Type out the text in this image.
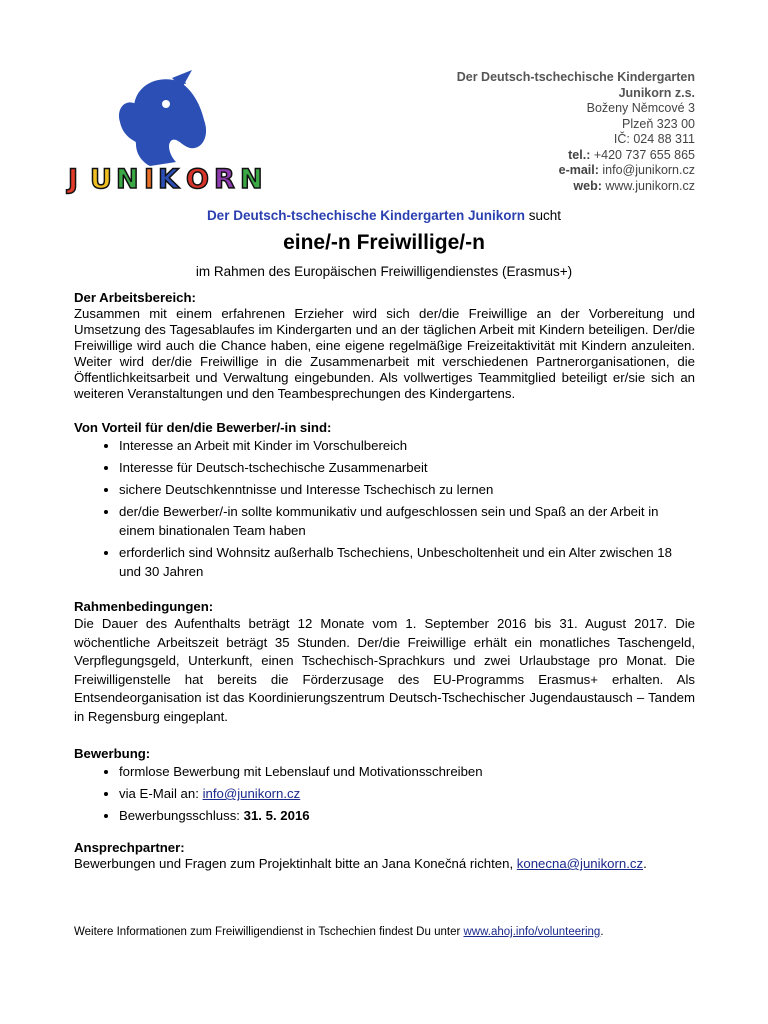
J U N I K O R N
Der Deutsch-tschechische Kindergarten
Junikorn z.s.
Boženy Němcové 3
Plzeň 323 00
IČ: 024 88 311
tel.: +420 737 655 865
e-mail: info@junikorn.cz
web: www.junikorn.cz
Der Deutsch-tschechische Kindergarten Junikorn sucht
eine/-n Freiwillige/-n
im Rahmen des Europäischen Freiwilligendienstes (Erasmus+)
Der Arbeitsbereich:

Zusammen mit einem erfahrenen Erzieher wird sich der/die Freiwillige an der Vorbereitung und Umsetzung des Tagesablaufes im Kindergarten und an der täglichen Arbeit mit Kindern beteiligen. Der/die Freiwillige wird auch die Chance haben, eine eigene regelmäßige Freizeitaktivität mit Kindern anzuleiten. Weiter wird der/die Freiwillige in die Zusammenarbeit mit verschiedenen Partnerorganisationen, die Öffentlichkeitsarbeit und Verwaltung eingebunden. Als vollwertiges Teammitglied beteiligt er/sie sich an weiteren Veranstaltungen und den Teambesprechungen des Kindergartens.

Von Vorteil für den/die Bewerber/-in sind:
• Interesse an Arbeit mit Kinder im Vorschulbereich
• Interesse für Deutsch-tschechische Zusammenarbeit
• sichere Deutschkenntnisse und Interesse Tschechisch zu lernen
• der/die Bewerber/-in sollte kommunikativ und aufgeschlossen sein und Spaß an der Arbeit in einem binationalen Team haben
• erforderlich sind Wohnsitz außerhalb Tschechiens, Unbescholtenheit und ein Alter zwischen 18 und 30 Jahren
Rahmenbedingungen:

Die Dauer des Aufenthalts beträgt 12 Monate vom 1. September 2016 bis 31. August 2017. Die wöchentliche Arbeitszeit beträgt 35 Stunden. Der/die Freiwillige erhält ein monatliches Taschengeld, Verpflegungsgeld, Unterkunft, einen Tschechisch-Sprachkurs und zwei Urlaubstage pro Monat. Die Freiwilligenstelle hat bereits die Förderzusage des EU-Programms Erasmus+ erhalten. Als Entsendeorganisation ist das Koordinierungszentrum Deutsch-Tschechischer Jugendaustausch – Tandem in Regensburg eingeplant.

Bewerbung:
• formlose Bewerbung mit Lebenslauf und Motivationsschreiben
• via E-Mail an: info@junikorn.cz
• Bewerbungsschluss: 31. 5. 2016
Ansprechpartner:

Bewerbungen und Fragen zum Projektinhalt bitte an Jana Konečná richten, konecna@junikorn.cz.

Weitere Informationen zum Freiwilligendienst in Tschechien findest Du unter www.ahoj.info/volunteering.
